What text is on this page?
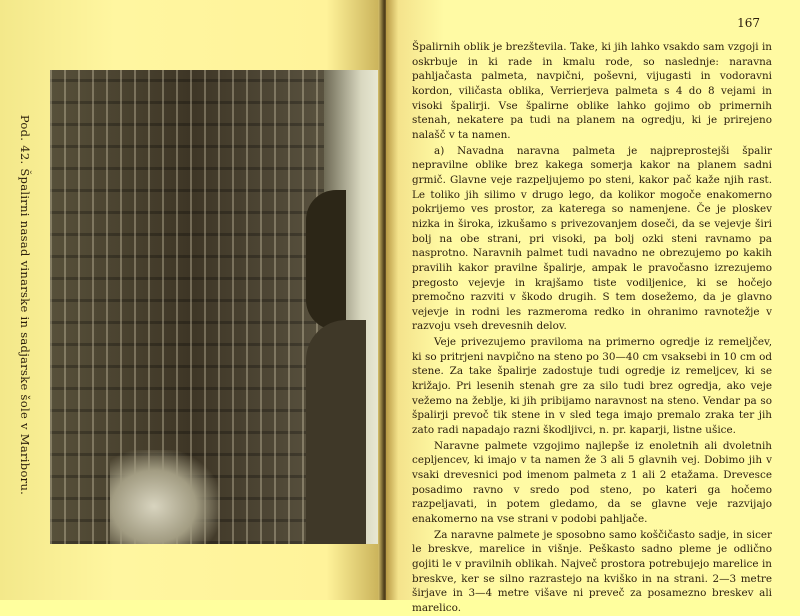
Pod. 42. Špalirni nasad vinarske in sadjarske šole v Mariboru.
167

Špalirnih oblik je brezštevila. Take, ki jih lahko vsakdo sam vzgoji in oskrbuje in ki rade in kmalu rode, so naslednje: naravna pahljačasta palmeta, navpični, poševni, vijugasti in vodoravni kordon, viličasta oblika, Verrierjeva palmeta s 4 do 8 vejami in visoki špalirji. Vse špalirne oblike lahko gojimo ob primernih stenah, nekatere pa tudi na planem na ogredju, ki je prirejeno nalašč v ta namen.

a) Navadna naravna palmeta je najpreprostejši špalir nepravilne oblike brez kakega somerja kakor na planem sadni grmič. Glavne veje razpeljujemo po steni, kakor pač kaže njih rast. Le toliko jih silimo v drugo lego, da kolikor mogoče enakomerno pokrijemo ves prostor, za katerega so namenjene. Če je ploskev nizka in široka, izkušamo s privezovanjem doseči, da se vejevje širi bolj na obe strani, pri visoki, pa bolj ozki steni ravnamo pa nasprotno. Naravnih palmet tudi navadno ne obrezujemo po kakih pravilih kakor pravilne špalirje, ampak le pravočasno izrezujemo pregosto vejevje in krajšamo tiste vodiljenice, ki se hočejo premočno razviti v škodo drugih. S tem dosežemo, da je glavno vejevje in rodni les razmeroma redko in ohranimo ravnotežje v razvoju vseh drevesnih delov.

Veje privezujemo praviloma na primerno ogredje iz remeljčev, ki so pritrjeni navpično na steno po 30—40 cm vsaksebi in 10 cm od stene. Za take špalirje zadostuje tudi ogredje iz remeljcev, ki se križajo. Pri lesenih stenah gre za silo tudi brez ogredja, ako veje vežemo na žeblje, ki jih pribijamo naravnost na steno. Vendar pa so špalirji prevoč tik stene in v sled tega imajo premalo zraka ter jih zato radi napadajo razni škodljivci, n. pr. kaparji, listne ušice.

Naravne palmete vzgojimo najlepše iz enoletnih ali dvoletnih cepljencev, ki imajo v ta namen že 3 ali 5 glavnih vej. Dobimo jih v vsaki drevesnici pod imenom palmeta z 1 ali 2 etažama. Drevesce posadimo ravno v sredo pod steno, po kateri ga hočemo razpeljavati, in potem gledamo, da se glavne veje razvijajo enakomerno na vse strani v podobi pahljače.

Za naravne palmete je sposobno samo koščičasto sadje, in sicer le breskve, marelice in višnje. Peškasto sadno pleme je odlično gojiti le v pravilnih oblikah. Največ prostora potrebujejo marelice in breskve, ker se silno razrastejo na kviško in na strani. 2—3 metre širjave in 3—4 metre višave ni preveč za posamezno breskev ali marelico.
